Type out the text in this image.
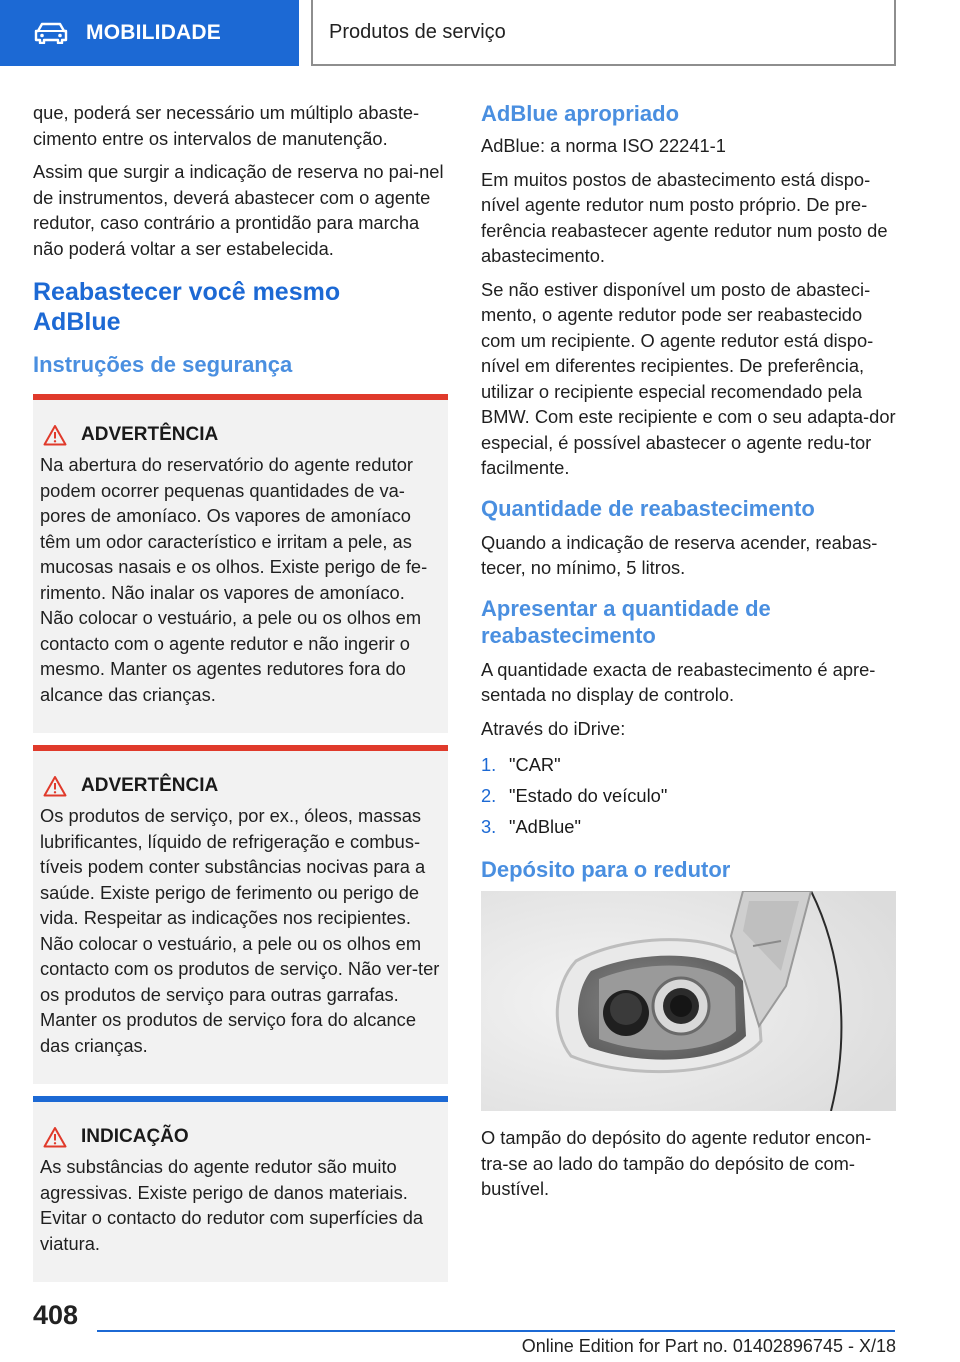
MOBILIDADE	Produtos de serviço

que, poderá ser necessário um múltiplo abaste-cimento entre os intervalos de manutenção.

Assim que surgir a indicação de reserva no pai-nel de instrumentos, deverá abastecer com o agente redutor, caso contrário a prontidão para marcha não poderá voltar a ser estabelecida.

Reabastecer você mesmo AdBlue
Instruções de segurança
ADVERTÊNCIA

Na abertura do reservatório do agente redutor podem ocorrer pequenas quantidades de va-pores de amoníaco. Os vapores de amoníaco têm um odor característico e irritam a pele, as mucosas nasais e os olhos. Existe perigo de fe-rimento. Não inalar os vapores de amoníaco. Não colocar o vestuário, a pele ou os olhos em contacto com o agente redutor e não ingerir o mesmo. Manter os agentes redutores fora do alcance das crianças.

ADVERTÊNCIA

Os produtos de serviço, por ex., óleos, massas lubrificantes, líquido de refrigeração e combus-tíveis podem conter substâncias nocivas para a saúde. Existe perigo de ferimento ou perigo de vida. Respeitar as indicações nos recipientes. Não colocar o vestuário, a pele ou os olhos em contacto com os produtos de serviço. Não ver-ter os produtos de serviço para outras garrafas. Manter os produtos de serviço fora do alcance das crianças.

INDICAÇÃO

As substâncias do agente redutor são muito agressivas. Existe perigo de danos materiais. Evitar o contacto do redutor com superfícies da viatura.

AdBlue apropriado

AdBlue: a norma ISO 22241-1

Em muitos postos de abastecimento está dispo-nível agente redutor num posto próprio. De pre-ferência reabastecer agente redutor num posto de abastecimento.

Se não estiver disponível um posto de abasteci-mento, o agente redutor pode ser reabastecido com um recipiente. O agente redutor está dispo-nível em diferentes recipientes. De preferência, utilizar o recipiente especial recomendado pela BMW. Com este recipiente e com o seu adapta-dor especial, é possível abastecer o agente redu-tor facilmente.

Quantidade de reabastecimento

Quando a indicação de reserva acender, reabas-tecer, no mínimo, 5 litros.

Apresentar a quantidade de reabastecimento

A quantidade exacta de reabastecimento é apre-sentada no display de controlo.

Através do iDrive:

1. "CAR"
2. "Estado do veículo"
3. "AdBlue"
Depósito para o redutor

O tampão do depósito do agente redutor encon-tra-se ao lado do tampão do depósito de com-bustível.

408
Online Edition for Part no. 01402896745 - X/18
